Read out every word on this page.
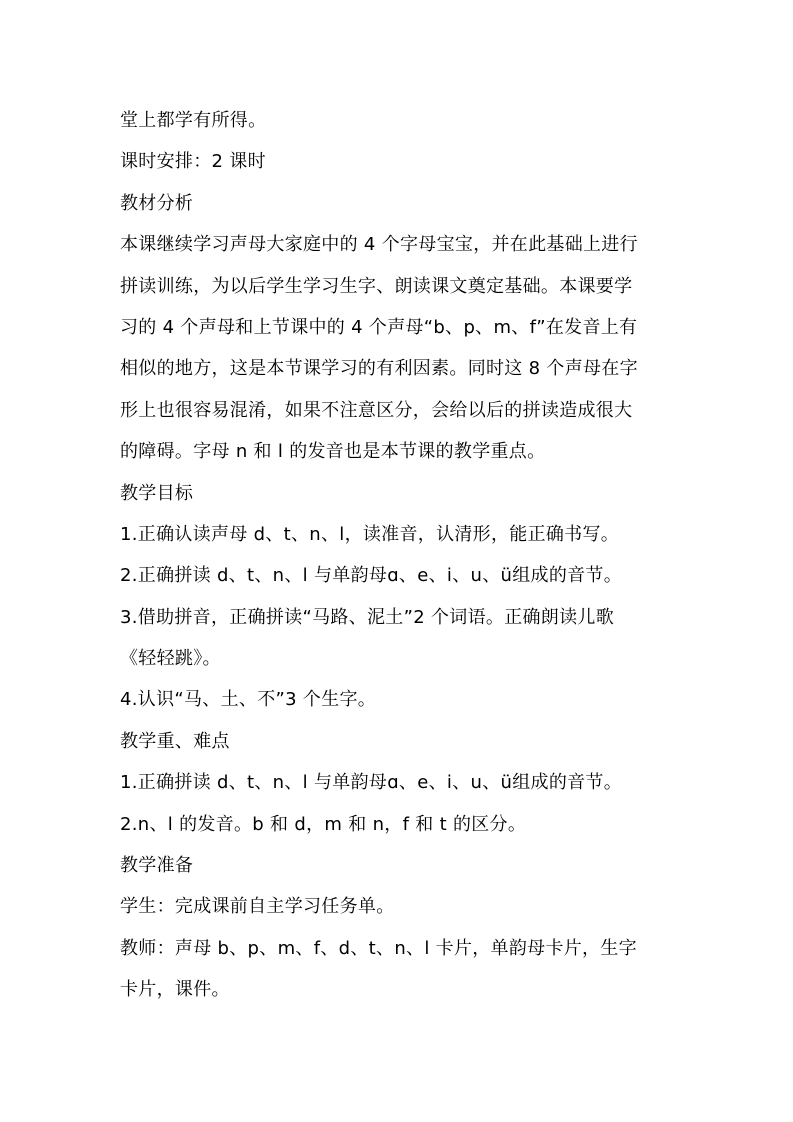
堂上都学有所得。
课时安排：2 课时
教材分析
本课继续学习声母大家庭中的 4 个字母宝宝，并在此基础上进行
拼读训练，为以后学生学习生字、朗读课文奠定基础。本课要学
习的 4 个声母和上节课中的 4 个声母“b、p、m、f”在发音上有
相似的地方，这是本节课学习的有利因素。同时这 8 个声母在字
形上也很容易混淆，如果不注意区分，会给以后的拼读造成很大
的障碍。字母 n 和 l 的发音也是本节课的教学重点。
教学目标
1.正确认读声母 d、t、n、l，读准音，认清形，能正确书写。
2.正确拼读 d、t、n、l 与单韵母ɑ、e、i、u、ü组成的音节。
3.借助拼音，正确拼读“马路、泥土”2 个词语。正确朗读儿歌
《轻轻跳》。
4.认识“马、土、不”3 个生字。
教学重、难点
1.正确拼读 d、t、n、l 与单韵母ɑ、e、i、u、ü组成的音节。
2.n、l 的发音。b 和 d，m 和 n，f 和 t 的区分。
教学准备
学生：完成课前自主学习任务单。
教师：声母 b、p、m、f、d、t、n、l 卡片，单韵母卡片，生字
卡片，课件。
